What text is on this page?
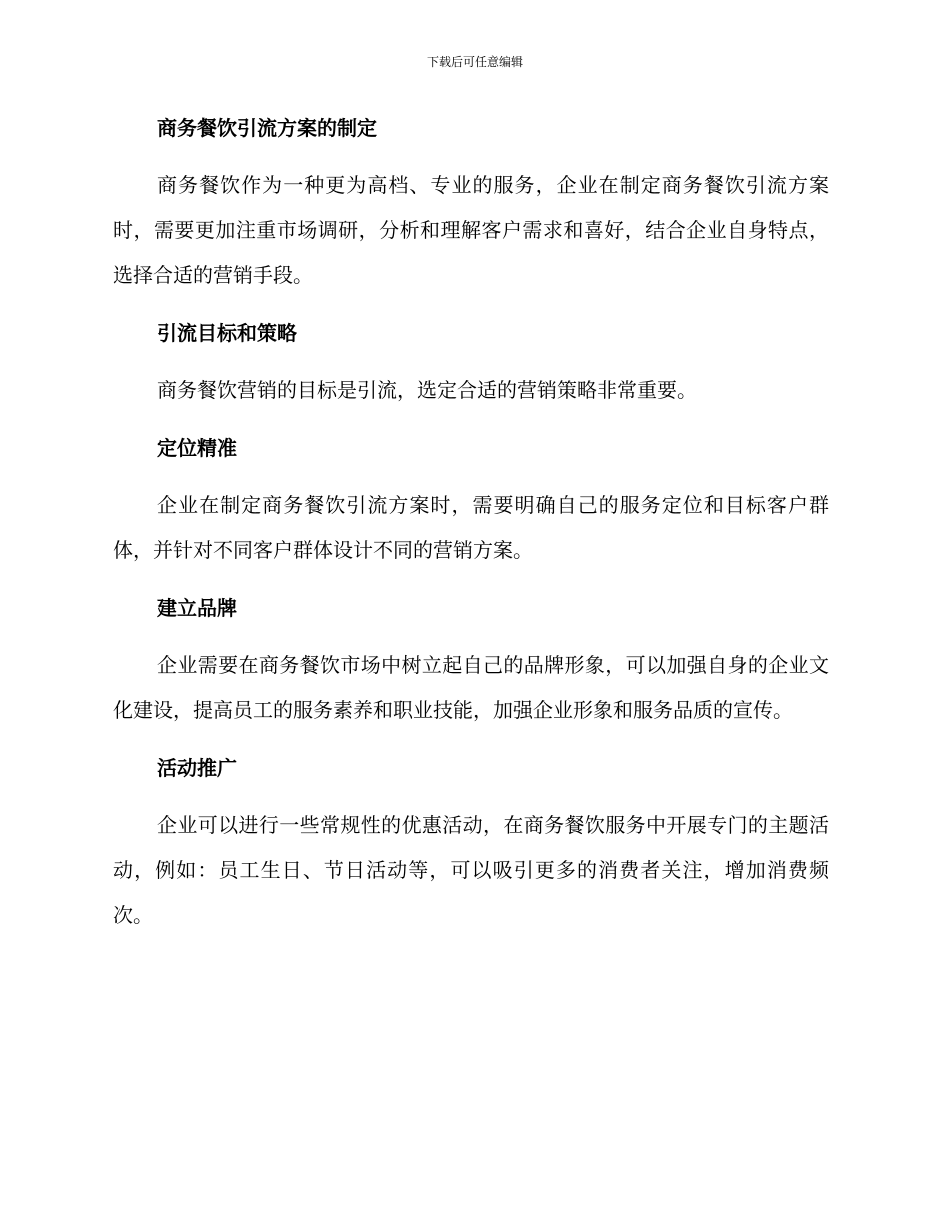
下载后可任意编辑
商务餐饮引流方案的制定

商务餐饮作为一种更为高档、专业的服务，企业在制定商务餐饮引流方案时，需要更加注重市场调研，分析和理解客户需求和喜好，结合企业自身特点，选择合适的营销手段。

引流目标和策略

商务餐饮营销的目标是引流，选定合适的营销策略非常重要。

定位精准

企业在制定商务餐饮引流方案时，需要明确自己的服务定位和目标客户群体，并针对不同客户群体设计不同的营销方案。

建立品牌

企业需要在商务餐饮市场中树立起自己的品牌形象，可以加强自身的企业文化建设，提高员工的服务素养和职业技能，加强企业形象和服务品质的宣传。

活动推广

企业可以进行一些常规性的优惠活动，在商务餐饮服务中开展专门的主题活动，例如：员工生日、节日活动等，可以吸引更多的消费者关注，增加消费频次。
